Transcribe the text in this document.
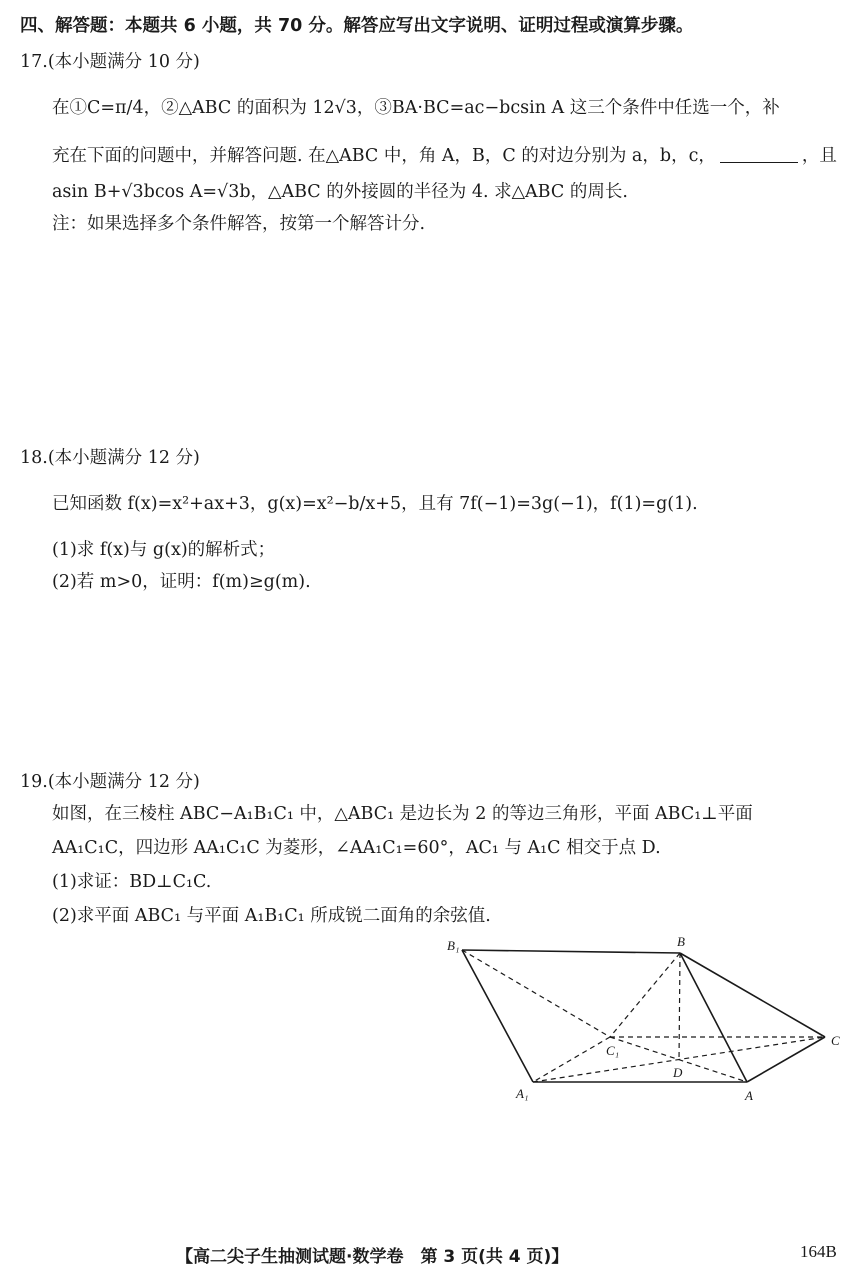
四、解答题：本题共 6 小题，共 70 分。解答应写出文字说明、证明过程或演算步骤。
17.(本小题满分 10 分)
在①C=π/4，②△ABC 的面积为 12√3，③BA·BC=ac−bcsin A 这三个条件中任选一个，补
充在下面的问题中，并解答问题. 在△ABC 中，角 A，B，C 的对边分别为 a，b，c，	，且
asin B+√3bcos A=√3b，△ABC 的外接圆的半径为 4. 求△ABC 的周长.
注：如果选择多个条件解答，按第一个解答计分.
18.(本小题满分 12 分)
已知函数 f(x)=x²+ax+3，g(x)=x²−b/x+5，且有 7f(−1)=3g(−1)，f(1)=g(1).
(1)求 f(x)与 g(x)的解析式；
(2)若 m>0，证明：f(m)≥g(m).
19.(本小题满分 12 分)
如图，在三棱柱 ABC−A₁B₁C₁ 中，△ABC₁ 是边长为 2 的等边三角形，平面 ABC₁⊥平面
AA₁C₁C，四边形 AA₁C₁C 为菱形，∠AA₁C₁=60°，AC₁ 与 A₁C 相交于点 D.
(1)求证：BD⊥C₁C.
(2)求平面 ABC₁ 与平面 A₁B₁C₁ 所成锐二面角的余弦值.
B₁	B
C
C₁
D
A₁	A
【高二尖子生抽测试题·数学卷　第 3 页(共 4 页)】	164B
